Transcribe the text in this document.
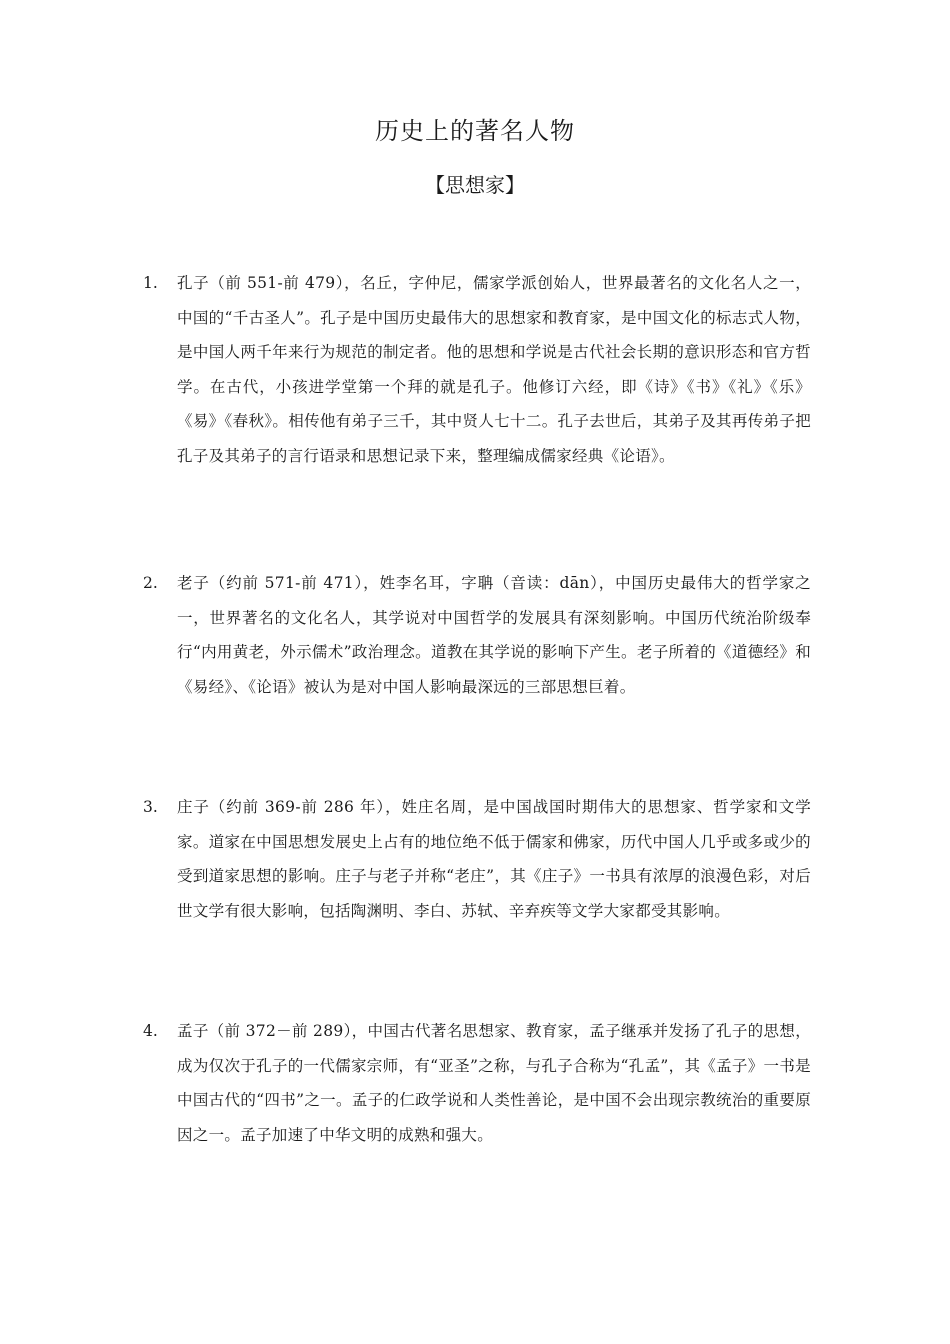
历史上的著名人物
【思想家】
1.	孔子（前 551-前 479），名丘，字仲尼，儒家学派创始人，世界最著名的文化名人之一，中国的“千古圣人”。孔子是中国历史最伟大的思想家和教育家，是中国文化的标志式人物，是中国人两千年来行为规范的制定者。他的思想和学说是古代社会长期的意识形态和官方哲学。在古代，小孩进学堂第一个拜的就是孔子。他修订六经，即《诗》《书》《礼》《乐》《易》《春秋》。相传他有弟子三千，其中贤人七十二。孔子去世后，其弟子及其再传弟子把孔子及其弟子的言行语录和思想记录下来，整理编成儒家经典《论语》。
2.	老子（约前 571-前 471），姓李名耳，字聃（音读：dān），中国历史最伟大的哲学家之一，世界著名的文化名人，其学说对中国哲学的发展具有深刻影响。中国历代统治阶级奉行“内用黄老，外示儒术”政治理念。道教在其学说的影响下产生。老子所着的《道德经》和《易经》、《论语》被认为是对中国人影响最深远的三部思想巨着。
3.	庄子（约前 369-前 286 年），姓庄名周，是中国战国时期伟大的思想家、哲学家和文学家。道家在中国思想发展史上占有的地位绝不低于儒家和佛家，历代中国人几乎或多或少的受到道家思想的影响。庄子与老子并称“老庄”，其《庄子》一书具有浓厚的浪漫色彩，对后世文学有很大影响，包括陶渊明、李白、苏轼、辛弃疾等文学大家都受其影响。
4.	孟子（前 372－前 289），中国古代著名思想家、教育家，孟子继承并发扬了孔子的思想，成为仅次于孔子的一代儒家宗师，有“亚圣”之称，与孔子合称为“孔孟”，其《孟子》一书是中国古代的“四书”之一。孟子的仁政学说和人类性善论，是中国不会出现宗教统治的重要原因之一。孟子加速了中华文明的成熟和强大。
